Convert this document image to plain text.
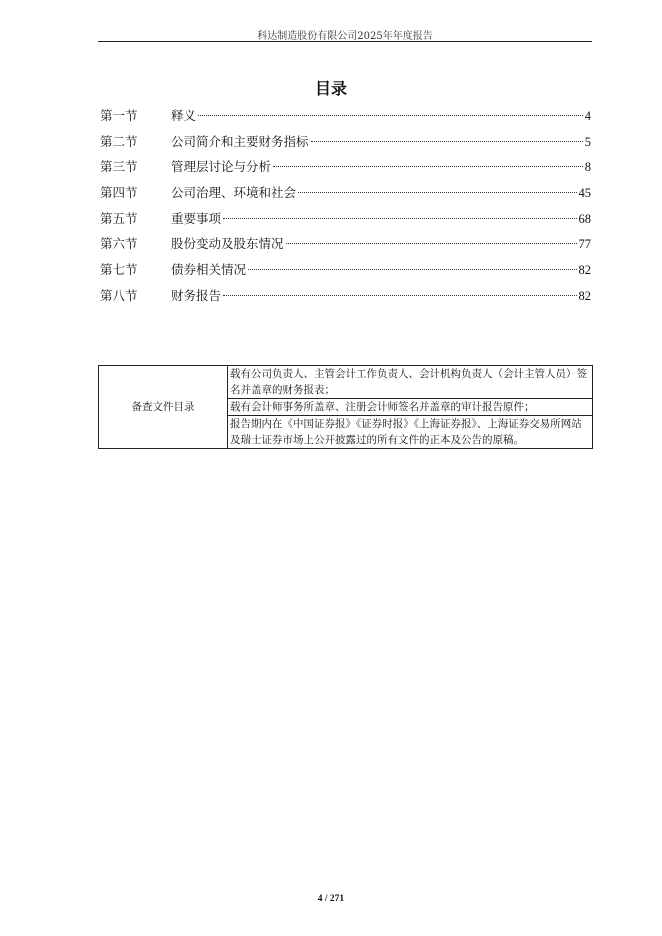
科达制造股份有限公司2025年年度报告
目录
第一节	释义	4
第二节	公司简介和主要财务指标	5
第三节	管理层讨论与分析	8
第四节	公司治理、环境和社会	45
第五节	重要事项	68
第六节	股份变动及股东情况	77
第七节	债券相关情况	82
第八节	财务报告	82
备查文件目录	载有公司负责人、主管会计工作负责人、会计机构负责人（会计主管人员）签名并盖章的财务报表；
载有会计师事务所盖章、注册会计师签名并盖章的审计报告原件；
报告期内在《中国证券报》《证券时报》《上海证券报》、上海证券交易所网站及瑞士证券市场上公开披露过的所有文件的正本及公告的原稿。
4 / 271
